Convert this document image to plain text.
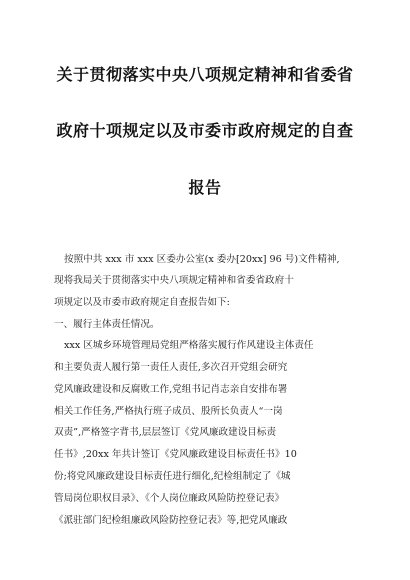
关于贯彻落实中央八项规定精神和省委省
政府十项规定以及市委市政府规定的自查
报告
按照中共 xxx 市 xxx 区委办公室(x 委办[20xx] 96 号)文件精神,
现将我局关于贯彻落实中央八项规定精神和省委省政府十
项规定以及市委市政府规定自查报告如下:
一、履行主体责任情况。
xxx 区城乡环境管理局党组严格落实履行作风建设主体责任
和主要负责人履行第一责任人责任,多次召开党组会研究
党风廉政建设和反腐败工作,党组书记肖志亲自安排布署
相关工作任务,严格执行班子成员、股所长负责人“一岗
双责”,严格签字背书,层层签订《党风廉政建设目标责
任书》,20xx 年共计签订《党风廉政建设目标责任书》10
份;将党风廉政建设目标责任进行细化,纪检组制定了《城
管局岗位职权目录》、《个人岗位廉政风险防控登记表》
《派驻部门纪检组廉政风险防控登记表》等,把党风廉政
